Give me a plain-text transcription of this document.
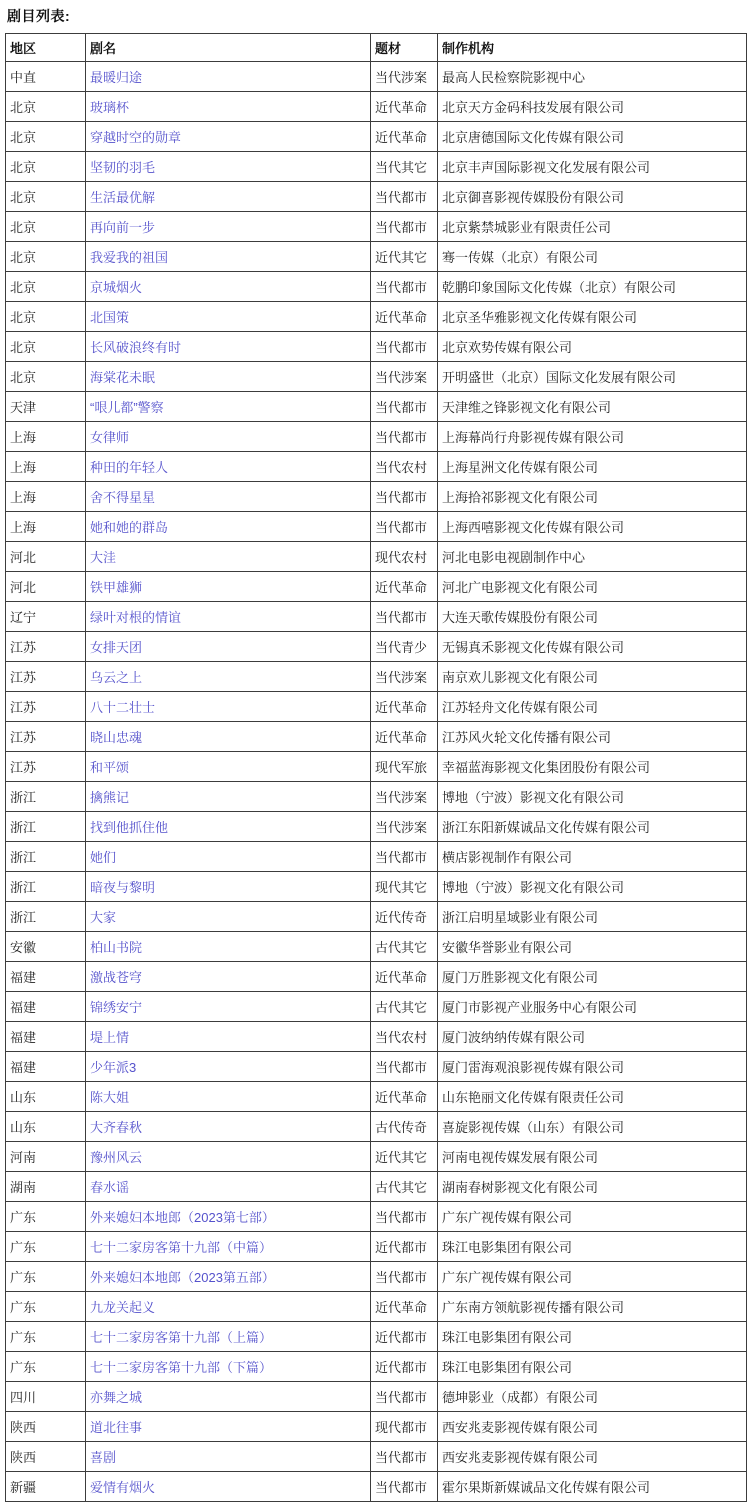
剧目列表:

地区	剧名	题材	制作机构
中直	最暖归途	当代涉案	最高人民检察院影视中心
北京	玻璃杯	近代革命	北京天方金码科技发展有限公司
北京	穿越时空的勋章	近代革命	北京唐德国际文化传媒有限公司
北京	坚韧的羽毛	当代其它	北京丰声国际影视文化发展有限公司
北京	生活最优解	当代都市	北京御喜影视传媒股份有限公司
北京	再向前一步	当代都市	北京紫禁城影业有限责任公司
北京	我爱我的祖国	近代其它	骞一传媒（北京）有限公司
北京	京城烟火	当代都市	乾鹏印象国际文化传媒（北京）有限公司
北京	北国策	近代革命	北京圣华雅影视文化传媒有限公司
北京	长风破浪终有时	当代都市	北京欢势传媒有限公司
北京	海棠花未眠	当代涉案	开明盛世（北京）国际文化发展有限公司
天津	“哏儿都”警察	当代都市	天津维之锋影视文化有限公司
上海	女律师	当代都市	上海幕尚行舟影视传媒有限公司
上海	种田的年轻人	当代农村	上海星洲文化传媒有限公司
上海	舍不得星星	当代都市	上海拾祁影视文化有限公司
上海	她和她的群岛	当代都市	上海西嘻影视文化传媒有限公司
河北	大洼	现代农村	河北电影电视剧制作中心
河北	铁甲雄狮	近代革命	河北广电影视文化有限公司
辽宁	绿叶对根的情谊	当代都市	大连天歌传媒股份有限公司
江苏	女排天团	当代青少	无锡真禾影视文化传媒有限公司
江苏	乌云之上	当代涉案	南京欢儿影视文化有限公司
江苏	八十二壮士	近代革命	江苏轻舟文化传媒有限公司
江苏	晓山忠魂	近代革命	江苏风火轮文化传播有限公司
江苏	和平颂	现代军旅	幸福蓝海影视文化集团股份有限公司
浙江	擒熊记	当代涉案	博地（宁波）影视文化有限公司
浙江	找到他抓住他	当代涉案	浙江东阳新媒诚品文化传媒有限公司
浙江	她们	当代都市	横店影视制作有限公司
浙江	暗夜与黎明	现代其它	博地（宁波）影视文化有限公司
浙江	大家	近代传奇	浙江启明星域影业有限公司
安徽	柏山书院	古代其它	安徽华誉影业有限公司
福建	激战苍穹	近代革命	厦门万胜影视文化有限公司
福建	锦绣安宁	古代其它	厦门市影视产业服务中心有限公司
福建	堤上情	当代农村	厦门波纳纳传媒有限公司
福建	少年派3	当代都市	厦门雷海观浪影视传媒有限公司
山东	陈大姐	近代革命	山东艳丽文化传媒有限责任公司
山东	大齐春秋	古代传奇	喜旋影视传媒（山东）有限公司
河南	豫州风云	近代其它	河南电视传媒发展有限公司
湖南	春水谣	古代其它	湖南春树影视文化有限公司
广东	外来媳妇本地郎（2023第七部）	当代都市	广东广视传媒有限公司
广东	七十二家房客第十九部（中篇）	近代都市	珠江电影集团有限公司
广东	外来媳妇本地郎（2023第五部）	当代都市	广东广视传媒有限公司
广东	九龙关起义	近代革命	广东南方领航影视传播有限公司
广东	七十二家房客第十九部（上篇）	近代都市	珠江电影集团有限公司
广东	七十二家房客第十九部（下篇）	近代都市	珠江电影集团有限公司
四川	亦舞之城	当代都市	德坤影业（成都）有限公司
陕西	道北往事	现代都市	西安兆麦影视传媒有限公司
陕西	喜剧	当代都市	西安兆麦影视传媒有限公司
新疆	爱情有烟火	当代都市	霍尔果斯新媒诚品文化传媒有限公司
